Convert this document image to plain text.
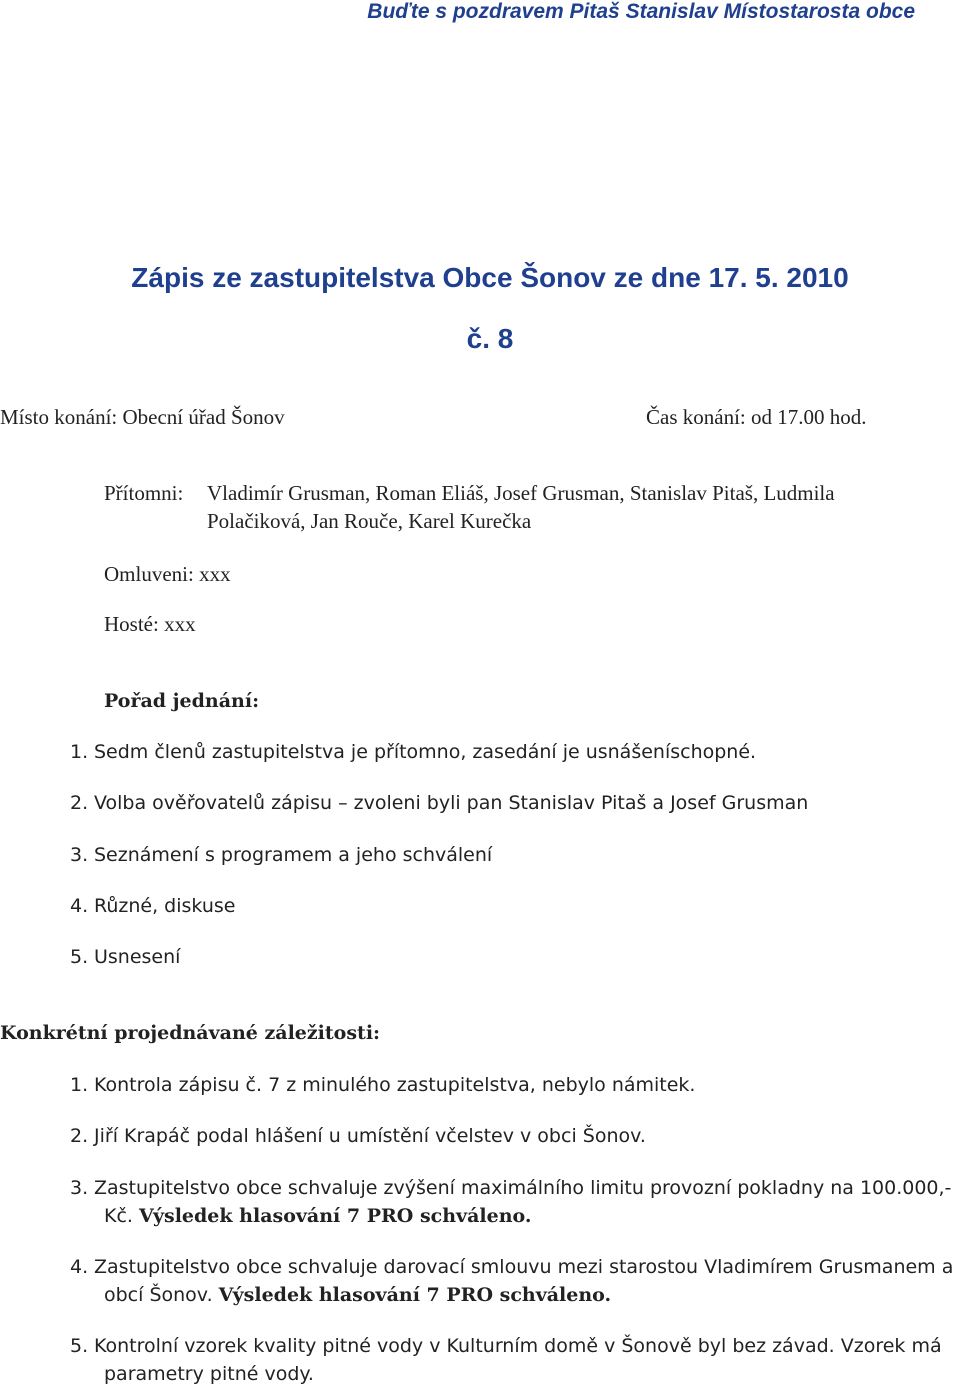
Buďte s pozdravem Pitaš Stanislav Místostarosta obce
Zápis ze zastupitelstva Obce Šonov ze dne 17. 5. 2010
č. 8
Místo konání: Obecní úřad Šonov	Čas konání: od 17.00 hod.
Přítomni: Vladimír Grusman, Roman Eliáš, Josef Grusman, Stanislav Pitaš, Ludmila
Polačiková, Jan Rouče, Karel Kurečka
Omluveni: xxx
Hosté: xxx
Pořad jednání:
1. Sedm členů zastupitelstva je přítomno, zasedání je usnášeníschopné.
2. Volba ověřovatelů zápisu – zvoleni byli pan Stanislav Pitaš a Josef Grusman
3. Seznámení s programem a jeho schválení
4. Různé, diskuse
5. Usnesení
Konkrétní projednávané záležitosti:
1. Kontrola zápisu č. 7 z minulého zastupitelstva, nebylo námitek.
2. Jiří Krapáč podal hlášení u umístění včelstev v obci Šonov.
3. Zastupitelstvo obce schvaluje zvýšení maximálního limitu provozní pokladny na 100.000,-
Kč. Výsledek hlasování 7 PRO schváleno.
4. Zastupitelstvo obce schvaluje darovací smlouvu mezi starostou Vladimírem Grusmanem a
obcí Šonov. Výsledek hlasování 7 PRO schváleno.
5. Kontrolní vzorek kvality pitné vody v Kulturním domě v Šonově byl bez závad. Vzorek má
parametry pitné vody.
